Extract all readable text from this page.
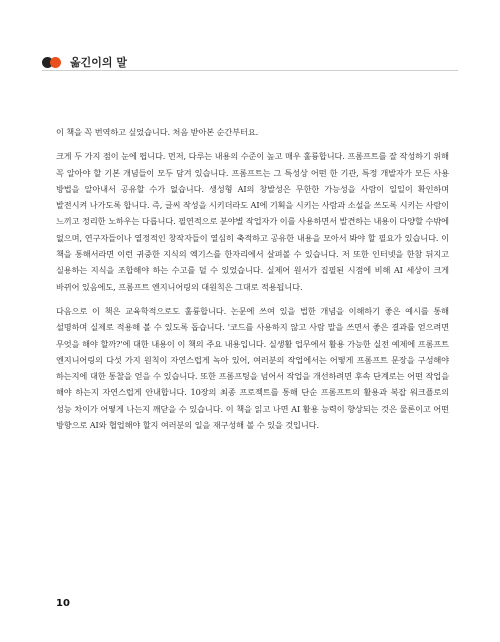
옮긴이의 말

이 책을 꼭 번역하고 싶었습니다. 처음 받아본 순간부터요.

크게 두 가지 점이 눈에 띕니다. 먼저, 다루는 내용의 수준이 높고 매우 훌륭합니다. 프롬프트를 잘 작성하기 위해 꼭 알아야 할 기본 개념들이 모두 담겨 있습니다. 프롬프트는 그 특성상 어떤 한 기관, 특정 개발자가 모든 사용 방법을 알아내서 공유할 수가 없습니다. 생성형 AI의 창발성은 무한한 가능성을 사람이 일일이 확인하며 발전시켜 나가도록 합니다. 즉, 글씨 작성을 시키더라도 AI에 기획을 시키는 사람과 소설을 쓰도록 시키는 사람이 느끼고 정리한 노하우는 다릅니다. 필연적으로 분야별 작업자가 이를 사용하면서 발견하는 내용이 다양할 수밖에 없으며, 연구자들이나 열정적인 창작자들이 열심히 축적하고 공유한 내용을 모아서 봐야 할 필요가 있습니다. 이 책을 통해서라면 이런 귀중한 지식의 엑기스를 한자리에서 살펴볼 수 있습니다. 저 또한 인터넷을 한참 뒤지고 실용하는 지식을 조합해야 하는 수고를 덜 수 있었습니다. 실제어 원서가 집필된 시점에 비해 AI 세상이 크게 바뀌어 있음에도, 프롬프트 엔지니어링의 대원칙은 그대로 적용됩니다.

다음으로 이 책은 교육학적으로도 훌륭합니다. 논문에 쓰여 있을 법한 개념을 이해하기 좋은 예시를 통해 설명하며 실제로 적용해 볼 수 있도록 돕습니다. '코드를 사용하지 않고 사람 말을 쓰면서 좋은 결과를 얻으려면 무엇을 해야 할까?'에 대한 내용이 이 책의 주요 내용입니다. 실생활 업무에서 활용 가능한 실전 예제에 프롬프트 엔지니어링의 다섯 가지 원칙이 자연스럽게 녹아 있어, 여러분의 작업에서는 어떻게 프롬프트 문장을 구성해야 하는지에 대한 통찰을 얻을 수 있습니다. 또한 프롬프팅을 넘어서 작업을 개선하려면 후속 단계로는 어떤 작업을 해야 하는지 자연스럽게 안내합니다. 10장의 최종 프로젝트를 통해 단순 프롬프트의 활용과 복잡 워크플로의 성능 차이가 어떻게 나는지 깨닫을 수 있습니다. 이 책을 읽고 나면 AI 활용 능력이 향상되는 것은 물론이고 어떤 방향으로 AI와 협업해야 할지 여러분의 일을 재구성해 볼 수 있을 것입니다.

10
